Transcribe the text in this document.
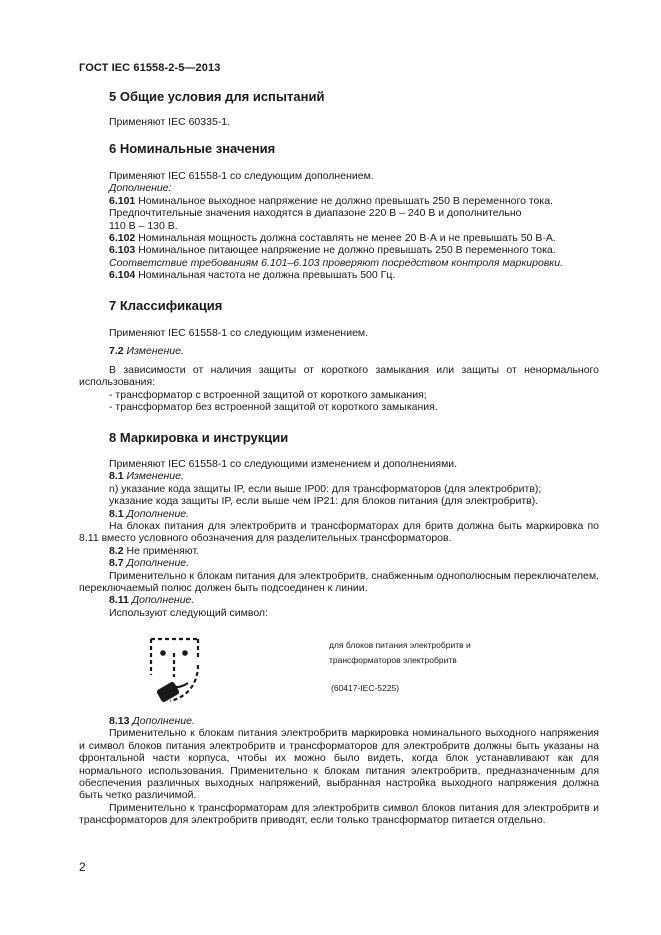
ГОСТ IEC 61558-2-5—2013

5 Общие условия для испытаний

Применяют IEC 60335-1.

6 Номинальные значения

Применяют IEC 61558-1 со следующим дополнением.

Дополнение:

6.101 Номинальное выходное напряжение не должно превышать 250 В переменного тока.

Предпочтительные значения находятся в диапазоне 220 В – 240 В и дополнительно

110 В – 130 В.

6.102 Номинальная мощность должна составлять не менее 20 В·А и не превышать 50 В·А.

6.103 Номинальное питающее напряжение не должно превышать 250 В переменного тока.

Соответствие требованиям 6.101–6.103 проверяют посредством контроля маркировки.

6.104 Номинальная частота не должна превышать 500 Гц.

7 Классификация

Применяют IEC 61558-1 со следующим изменением.

7.2 Изменение.

В зависимости от наличия защиты от короткого замыкания или защиты от ненормального использования:

- трансформатор с встроенной защитой от короткого замыкания;

- трансформатор без встроенной защитой от короткого замыкания.

8 Маркировка и инструкции

Применяют IEC 61558-1 со следующими изменением и дополнениями.

8.1 Изменение.

n) указание кода защиты IP, если выше IP00: для трансформаторов (для электробритв);

указание кода защиты IP, если выше чем IP21: для блоков питания (для электробритв).

8.1 Дополнение.

На блоках питания для электробритв и трансформаторах для бритв должна быть маркировка по 8.11 вместо условного обозначения для разделительных трансформаторов.

8.2 Не применяют.

8.7 Дополнение.

Применительно к блокам питания для электробритв, снабженным однополюсным переключателем, переключаемый полюс должен быть подсоединен к линии.

8.11 Дополнение.

Используют следующий символ:

для блоков питания электробритв и
трансформаторов электробритв
(60417-IEC-5225)

8.13 Дополнение.

Применительно к блокам питания электробритв маркировка номинального выходного напряжения и символ блоков питания электробритв и трансформаторов для электробритв должны быть указаны на фронтальной части корпуса, чтобы их можно было видеть, когда блок устанавливают как для нормального использования. Применительно к блокам питания электробритв, предназначенным для обеспечения различных выходных напряжений, выбранная настройка выходного напряжения должна быть четко различимой.

Применительно к трансформаторам для электробритв символ блоков питания для электробритв и трансформаторов для электробритв приводят, если только трансформатор питается отдельно.

2
